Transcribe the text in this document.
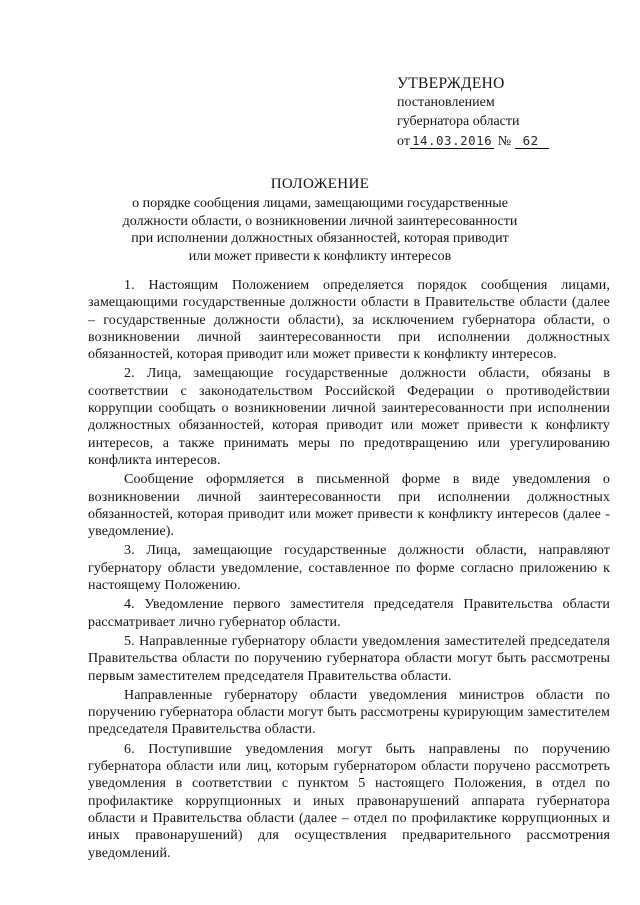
УТВЕРЖДЕНО
постановлением
губернатора области
от 14.03.2016 № 62
ПОЛОЖЕНИЕ
о порядке сообщения лицами, замещающими государственные
должности области, о возникновении личной заинтересованности
при исполнении должностных обязанностей, которая приводит
или может привести к конфликту интересов

1. Настоящим Положением определяется порядок сообщения лицами, замещающими государственные должности области в Правительстве области (далее – государственные должности области), за исключением губернатора области, о возникновении личной заинтересованности при исполнении должностных обязанностей, которая приводит или может привести к конфликту интересов.

2. Лица, замещающие государственные должности области, обязаны в соответствии с законодательством Российской Федерации о противодействии коррупции сообщать о возникновении личной заинтересованности при исполнении должностных обязанностей, которая приводит или может привести к конфликту интересов, а также принимать меры по предотвращению или урегулированию конфликта интересов.

Сообщение оформляется в письменной форме в виде уведомления о возникновении личной заинтересованности при исполнении должностных обязанностей, которая приводит или может привести к конфликту интересов (далее - уведомление).

3. Лица, замещающие государственные должности области, направляют губернатору области уведомление, составленное по форме согласно приложению к настоящему Положению.

4. Уведомление первого заместителя председателя Правительства области рассматривает лично губернатор области.

5. Направленные губернатору области уведомления заместителей председателя Правительства области по поручению губернатора области могут быть рассмотрены первым заместителем председателя Правительства области.

Направленные губернатору области уведомления министров области по поручению губернатора области могут быть рассмотрены курирующим заместителем председателя Правительства области.

6. Поступившие уведомления могут быть направлены по поручению губернатора области или лиц, которым губернатором области поручено рассмотреть уведомления в соответствии с пунктом 5 настоящего Положения, в отдел по профилактике коррупционных и иных правонарушений аппарата губернатора области и Правительства области (далее – отдел по профилактике коррупционных и иных правонарушений) для осуществления предварительного рассмотрения уведомлений.
